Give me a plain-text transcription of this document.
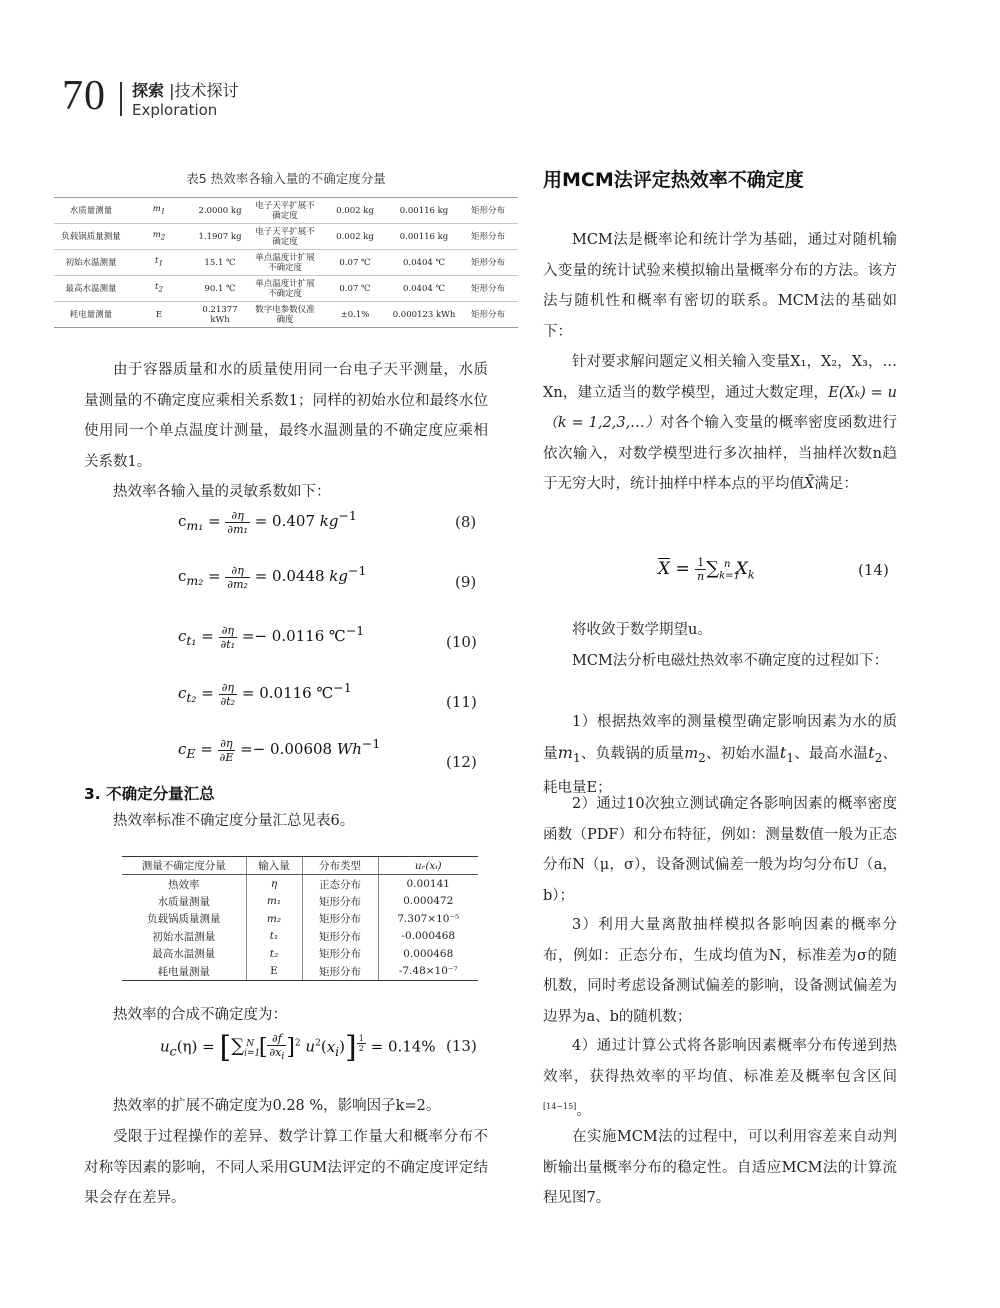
70 探索 |技术探讨
Exploration
表5 热效率各输入量的不确定度分量
水质量测量	$m_1$	2.0000 kg	电子天平扩展不确定度	0.002 kg	0.00116 kg	矩形分布
负载锅质量测量	$m_2$	1.1907 kg	电子天平扩展不确定度	0.002 kg	0.00116 kg	矩形分布
初始水温测量	$t_1$	15.1 ℃	单点温度计扩展不确定度	0.07 ℃	0.0404 ℃	矩形分布
最高水温测量	$t_2$	90.1 ℃	单点温度计扩展不确定度	0.07 ℃	0.0404 ℃	矩形分布
耗电量测量	E	0.21377 kWh	数字电参数仪准确度	±0.1%	0.000123 kWh	矩形分布
由于容器质量和水的质量使用同一台电子天平测量，水质量测量的不确定度应乘相关系数1；同样的初始水位和最终水位使用同一个单点温度计测量，最终水温测量的不确定度应乘相关系数1。
热效率各输入量的灵敏系数如下：
$c_{m_1} = \frac{\partial\eta}{\text{∂m₁}} = 0.407$ $kg^{-1}$	(8)
$c_{m_2} = \frac{\partial\eta}{\text{∂m₂}} = 0.0448$ $kg^{-1}$
(9)
$c_{t_1} = \frac{\partial\eta}{\text{∂t₁}} =- 0.0116$ ℃$^{-1}$
(10)
$c_{t_2} = \frac{\partial\eta}{\text{∂t₂}} = 0.0116$ ℃$^{-1}$
(11)
$c_E = \frac{\partial\eta}{\partial E} =- 0.00608$ $Wh^{-1}$
(12)
3. 不确定分量汇总
热效率标准不确定度分量汇总见表6。
测量不确定度分量	输入量	分布类型	uᵣ(xᵢ)
热效率	η	正态分布	0.00141
水质量测量	m₁	矩形分布	0.000472
负载锅质量测量	m₂	矩形分布	7.307×10⁻⁵
初始水温测量	t₁	矩形分布	-0.000468
最高水温测量	t₂	矩形分布	0.000468
耗电量测量	E	矩形分布	-7.48×10⁻⁷
热效率的合成不确定度为：
$u_c(\eta) = [\sum_{i=1}^N$ [ $\frac{\partial f}{\partial x_i} ]^2$ $u^2(x_i)$] $^{\frac{1}{2}}$ = 0.14% (13)
热效率的扩展不确定度为0.28 %，影响因子k=2。
受限于过程操作的差异、数学计算工作量大和概率分布不对称等因素的影响，不同人采用GUM法评定的不确定度评定结果会存在差异。
用MCM法评定热效率不确定度
MCM法是概率论和统计学为基础，通过对随机输入变量的统计试验来模拟输出量概率分布的方法。该方法与随机性和概率有密切的联系。MCM法的基础如下：
针对要求解问题定义相关输入变量X₁，X₂，X₃，…Xn，建立适当的数学模型，通过大数定理，E(Xₖ) = u（k = 1,2,3,…）对各个输入变量的概率密度函数进行依次输入，对数学模型进行多次抽样，当抽样次数n趋于无穷大时，统计抽样中样本点的平均值X̄满足：
$\overline{X} = \frac{1}{n} \sum_{k=1}^n$ $X_k$	(14)
将收敛于数学期望u。
MCM法分析电磁灶热效率不确定度的过程如下：
1）根据热效率的测量模型确定影响因素为水的质量$m_1$、负载锅的质量$m_2$、初始水温$t_1$、最高水温$t_2$、耗电量E；
2）通过10次独立测试确定各影响因素的概率密度函数（PDF）和分布特征，例如：测量数值一般为正态分布N（μ，σ），设备测试偏差一般为均匀分布U（a，b）；
3）利用大量离散抽样模拟各影响因素的概率分布，例如：正态分布，生成均值为N，标准差为σ的随机数，同时考虑设备测试偏差的影响，设备测试偏差为边界为a、b的随机数；
4）通过计算公式将各影响因素概率分布传递到热效率，获得热效率的平均值、标准差及概率包含区间[14~15]。
在实施MCM法的过程中，可以利用容差来自动判断输出量概率分布的稳定性。自适应MCM法的计算流程见图7。
